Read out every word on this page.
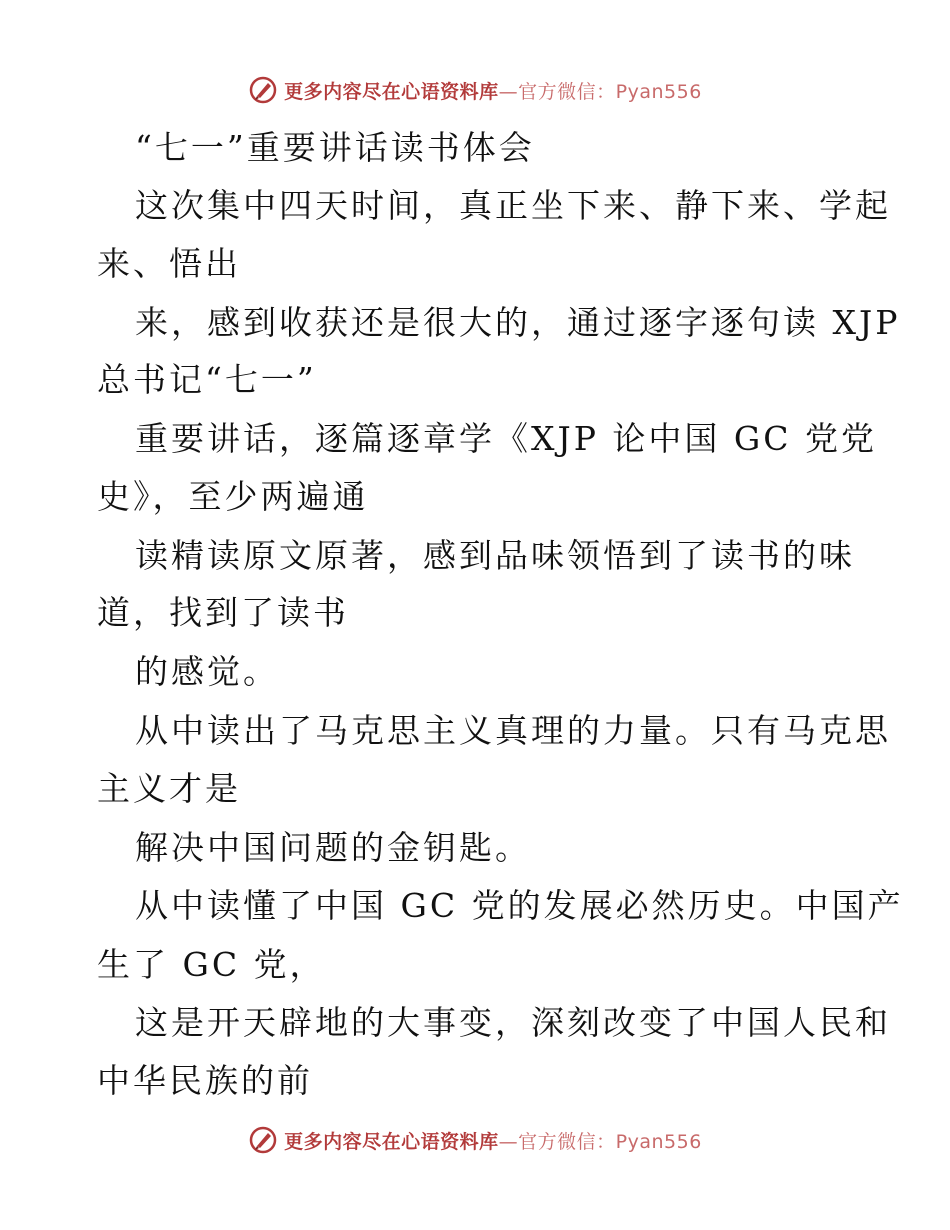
更多内容尽在心语资料库—官方微信：Pyan556
“七一”重要讲话读书体会
这次集中四天时间，真正坐下来、静下来、学起
来、悟出
来，感到收获还是很大的，通过逐字逐句读 XJP
总书记“七一”
重要讲话，逐篇逐章学《XJP 论中国 GC 党党
史》，至少两遍通
读精读原文原著，感到品味领悟到了读书的味
道，找到了读书
的感觉。
从中读出了马克思主义真理的力量。只有马克思
主义才是
解决中国问题的金钥匙。
从中读懂了中国 GC 党的发展必然历史。中国产
生了 GC 党，
这是开天辟地的大事变，深刻改变了中国人民和
中华民族的前
更多内容尽在心语资料库—官方微信：Pyan556
